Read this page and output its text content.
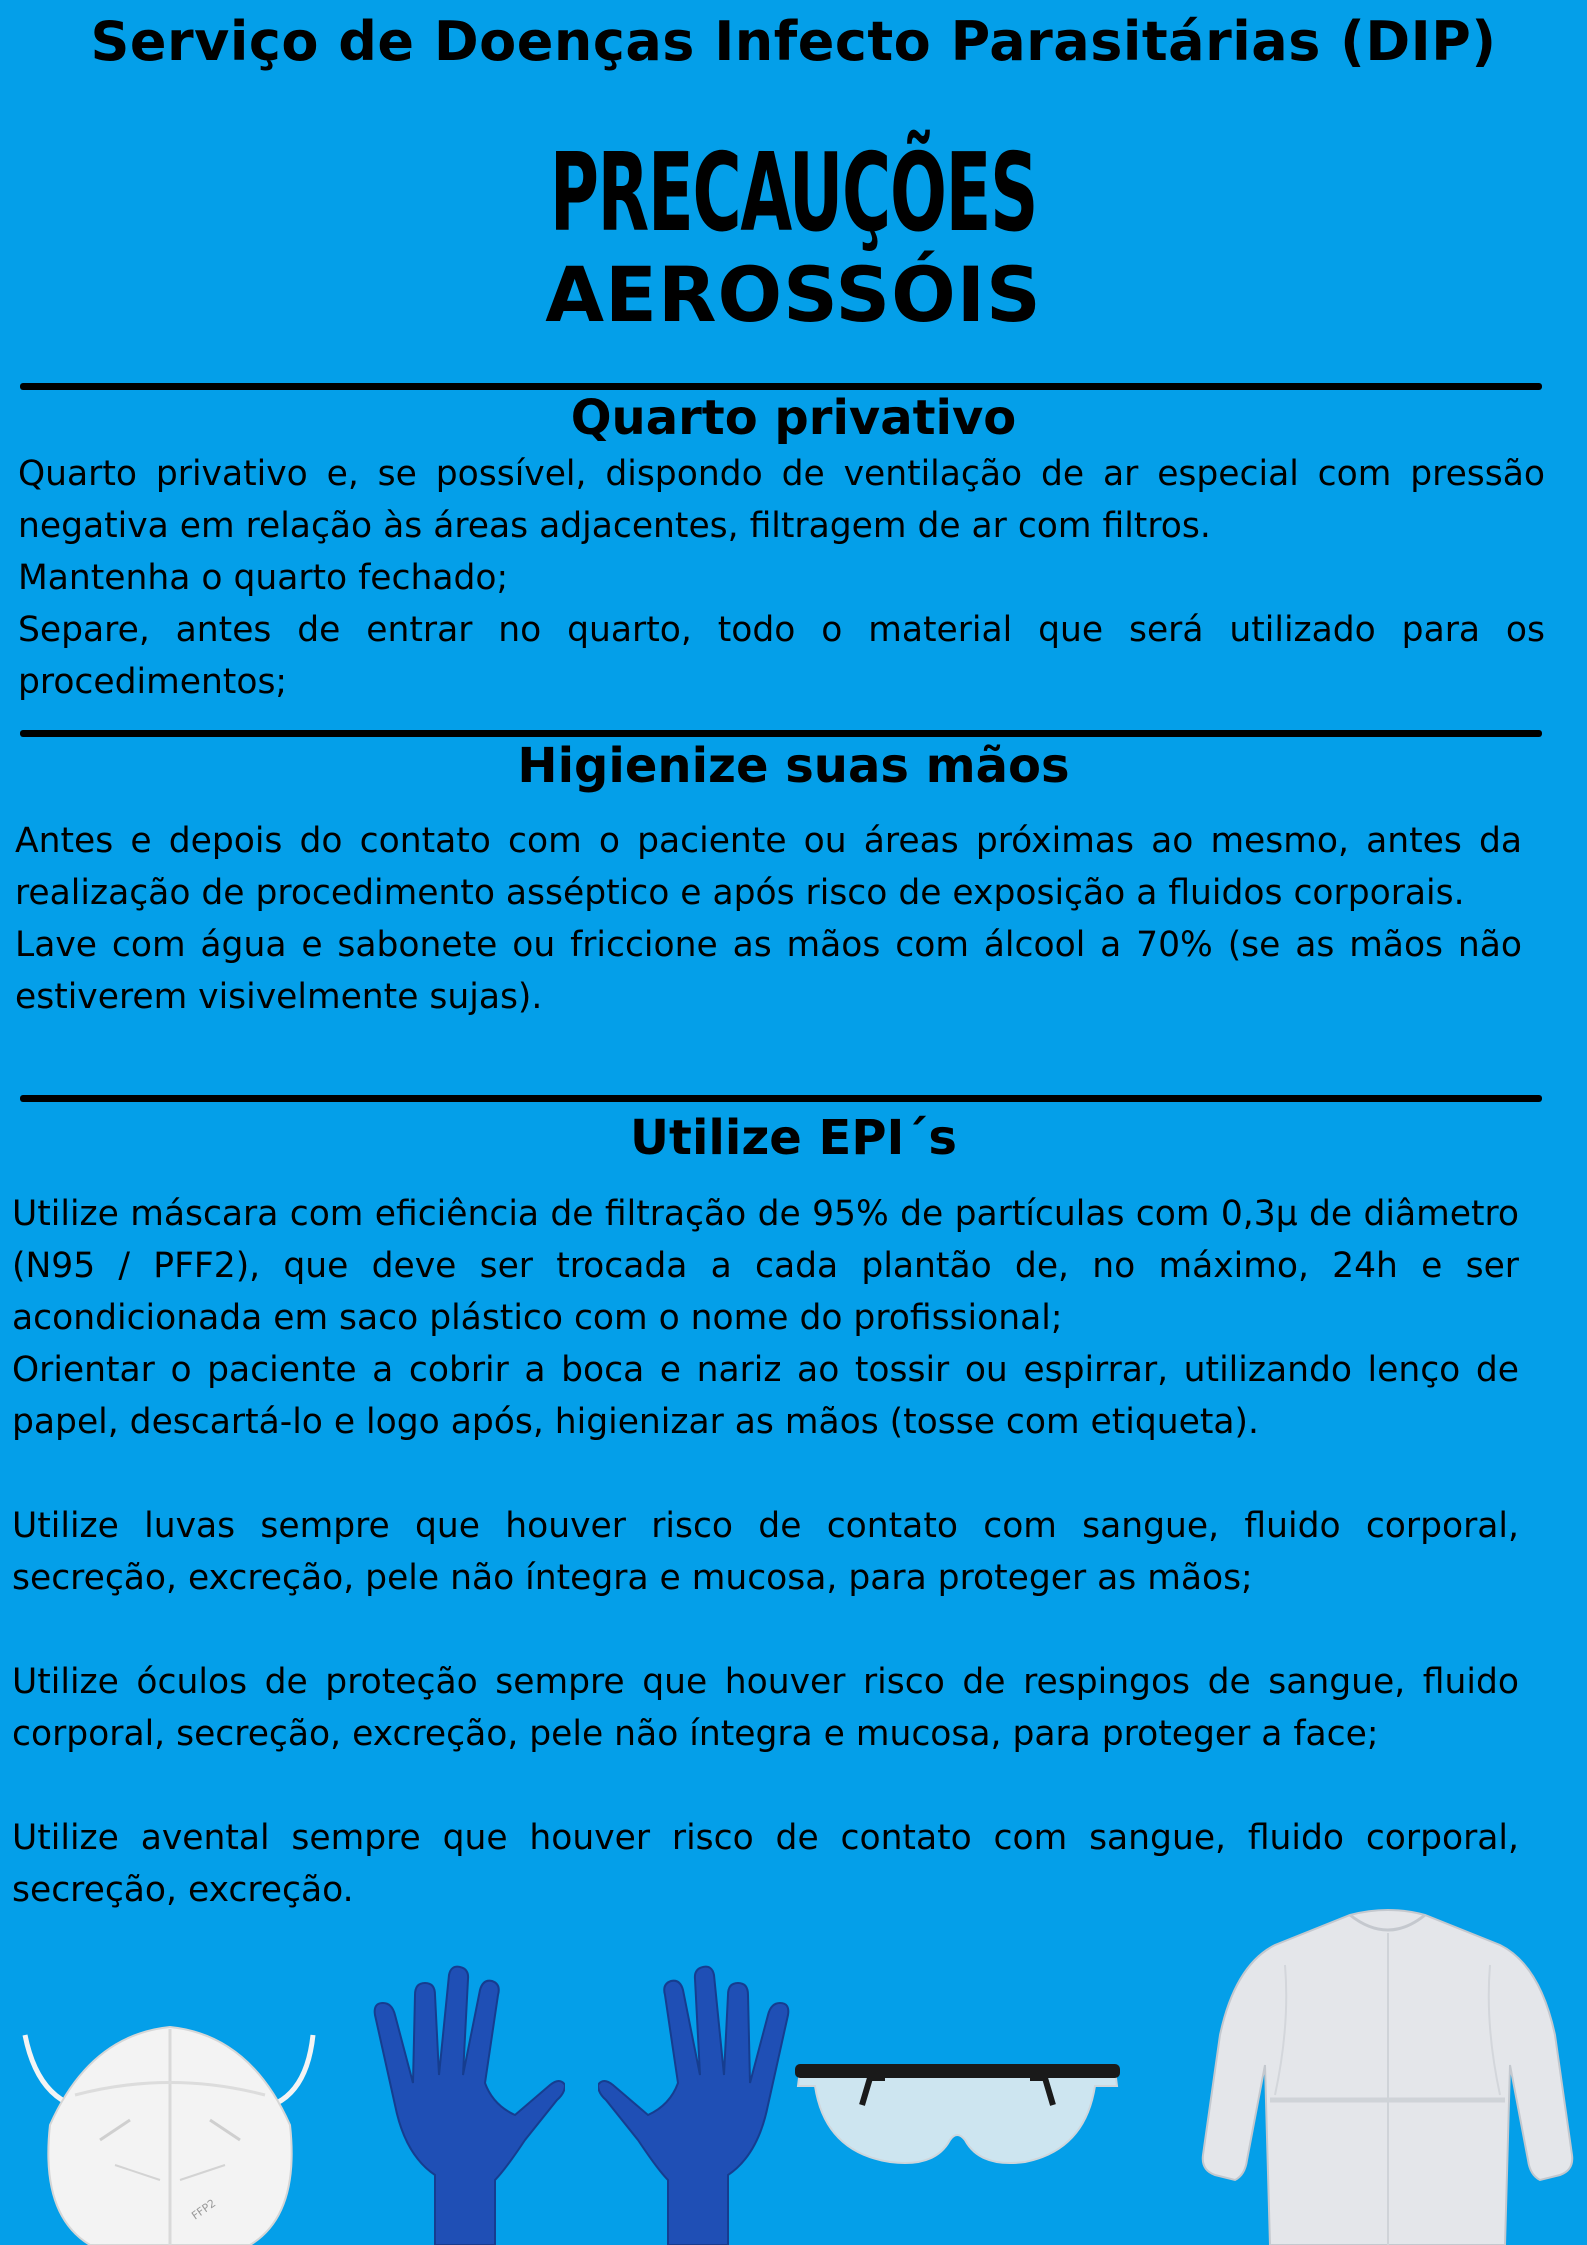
Serviço de Doenças Infecto Parasitárias (DIP)
PRECAUÇÕES
AEROSSÓIS
Quarto privativo

Quarto privativo e, se possível, dispondo de ventilação de ar especial com pressão negativa em relação às áreas adjacentes, filtragem de ar com filtros.

Mantenha o quarto fechado;

Separe, antes de entrar no quarto, todo o material que será utilizado para os procedimentos;

Higienize suas mãos

Antes e depois do contato com o paciente ou áreas próximas ao mesmo, antes da realização de procedimento asséptico e após risco de exposição a fluidos corporais.

Lave com água e sabonete ou friccione as mãos com álcool a 70% (se as mãos não estiverem visivelmente sujas).

Utilize EPI´s

Utilize máscara com eficiência de filtração de 95% de partículas com 0,3μ de diâmetro (N95 / PFF2), que deve ser trocada a cada plantão de, no máximo, 24h e ser acondicionada em saco plástico com o nome do profissional;

Orientar o paciente a cobrir a boca e nariz ao tossir ou espirrar, utilizando lenço de papel, descartá-lo e logo após, higienizar as mãos (tosse com etiqueta).

Utilize luvas sempre que houver risco de contato com sangue, fluido corporal, secreção, excreção, pele não íntegra e mucosa, para proteger as mãos;

Utilize óculos de proteção sempre que houver risco de respingos de sangue, fluido corporal, secreção, excreção, pele não íntegra e mucosa, para proteger a face;

Utilize avental sempre que houver risco de contato com sangue, fluido corporal, secreção, excreção.

FFP2
